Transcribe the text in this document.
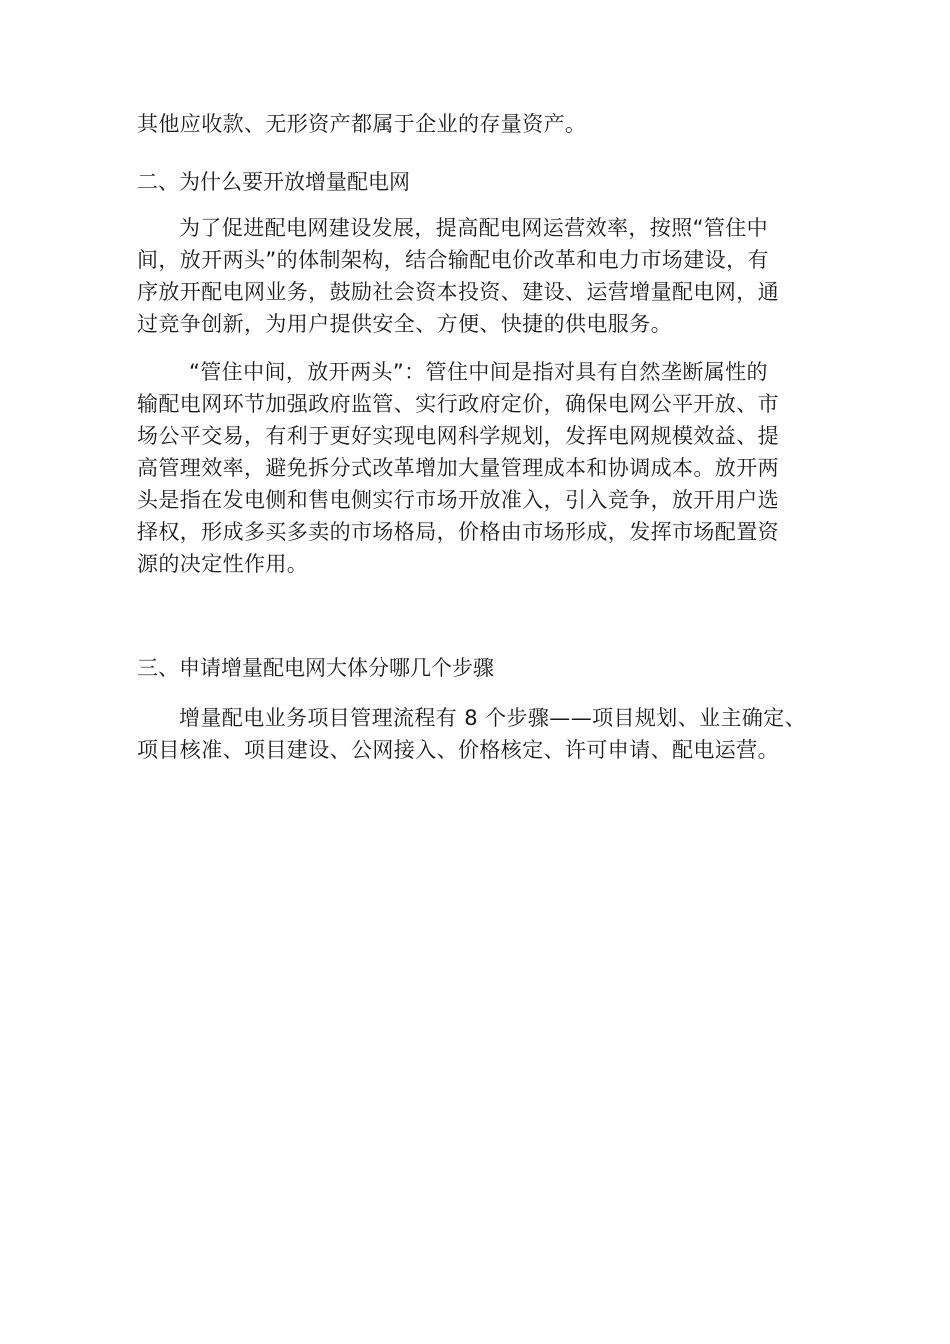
其他应收款、无形资产都属于企业的存量资产。

二、为什么要开放增量配电网

为了促进配电网建设发展，提高配电网运营效率，按照“管住中
间，放开两头”的体制架构，结合输配电价改革和电力市场建设，有
序放开配电网业务，鼓励社会资本投资、建设、运营增量配电网，通
过竞争创新，为用户提供安全、方便、快捷的供电服务。

“管住中间，放开两头”：管住中间是指对具有自然垄断属性的
输配电网环节加强政府监管、实行政府定价，确保电网公平开放、市
场公平交易，有利于更好实现电网科学规划，发挥电网规模效益、提
高管理效率，避免拆分式改革增加大量管理成本和协调成本。放开两
头是指在发电侧和售电侧实行市场开放准入，引入竞争，放开用户选
择权，形成多买多卖的市场格局，价格由市场形成，发挥市场配置资
源的决定性作用。

三、申请增量配电网大体分哪几个步骤

增量配电业务项目管理流程有 8 个步骤——项目规划、业主确定、
项目核准、项目建设、公网接入、价格核定、许可申请、配电运营。
